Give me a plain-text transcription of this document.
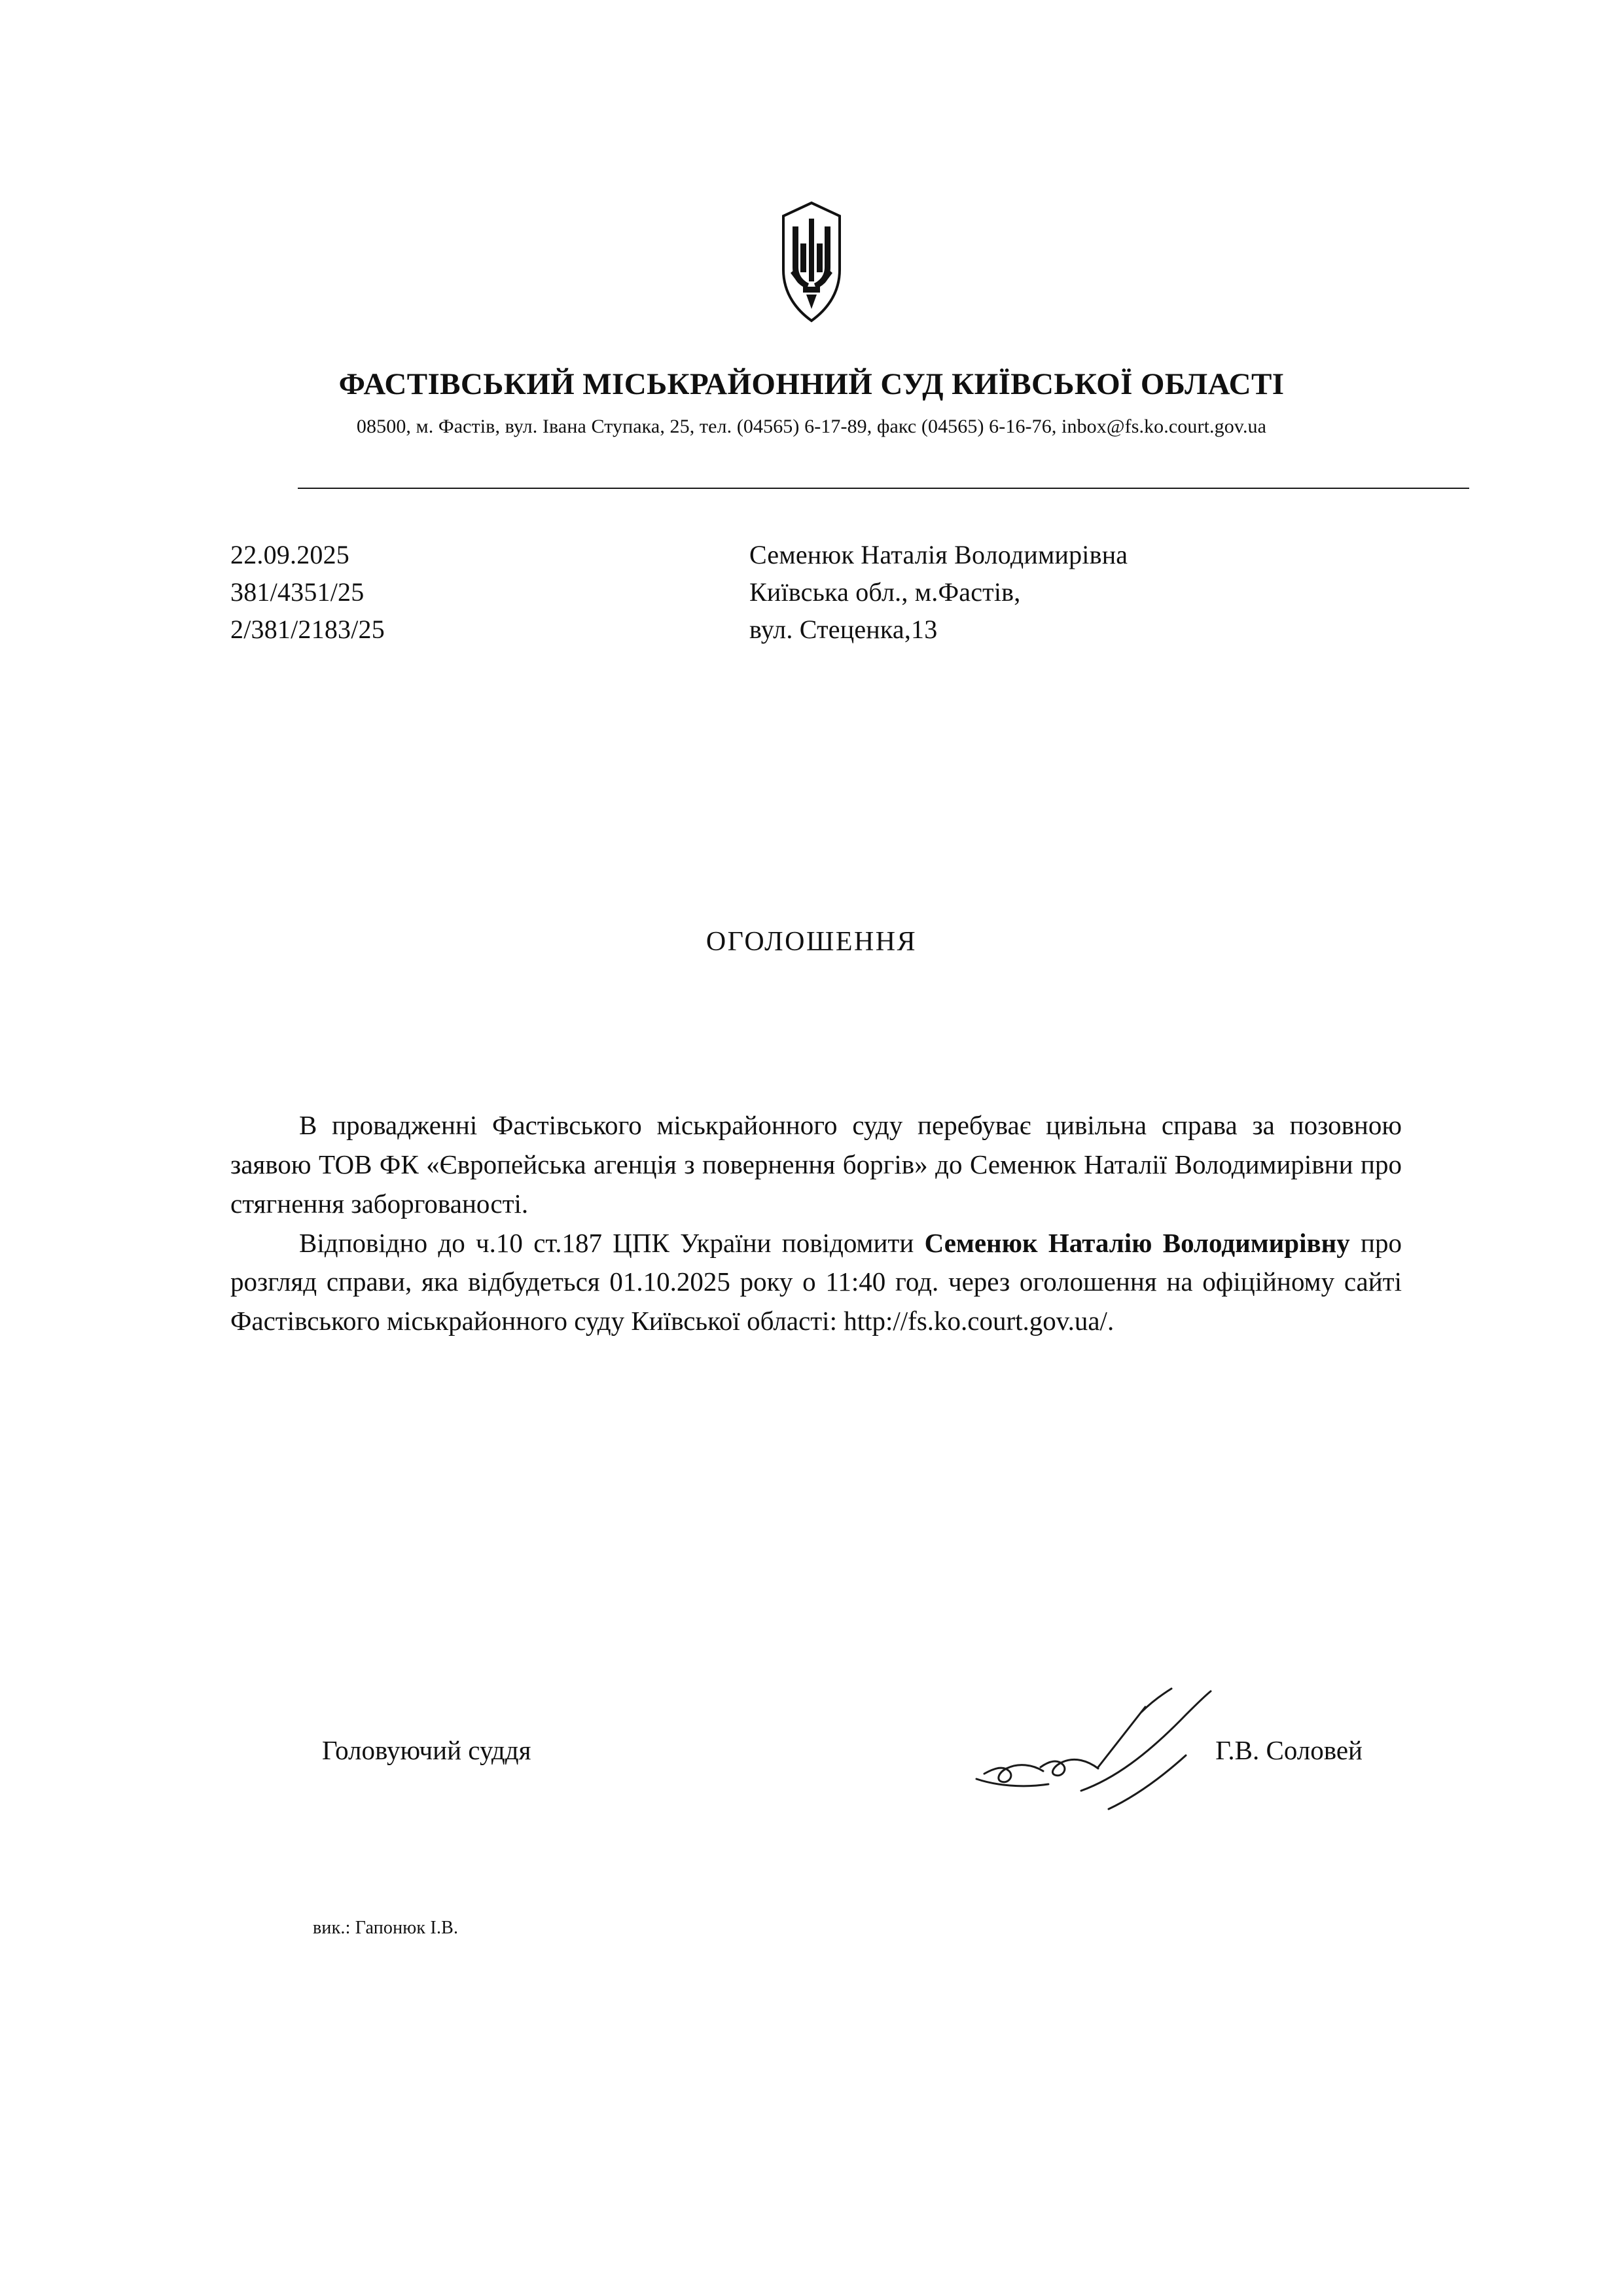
ФАСТІВСЬКИЙ МІСЬКРАЙОННИЙ СУД КИЇВСЬКОЇ ОБЛАСТІ
08500, м. Фастів, вул. Івана Ступака, 25, тел. (04565) 6-17-89, факс (04565) 6-16-76, inbox@fs.ko.court.gov.ua
22.09.2025
381/4351/25
2/381/2183/25
Семенюк Наталія Володимирівна
Київська обл., м.Фастів,
вул. Стеценка,13
ОГОЛОШЕННЯ

В провадженні Фастівського міськрайонного суду перебуває цивільна справа за позовною заявою ТОВ ФК «Європейська агенція з повернення боргів» до Семенюк Наталії Володимирівни про стягнення заборгованості.

Відповідно до ч.10 ст.187 ЦПК України повідомити Семенюк Наталію Володимирівну про розгляд справи, яка відбудеться 01.10.2025 року о 11:40 год. через оголошення на офіційному сайті Фастівського міськрайонного суду Київської області: http://fs.ko.court.gov.ua/.

Головуючий суддя	Г.В. Соловей
вик.: Гапонюк І.В.
